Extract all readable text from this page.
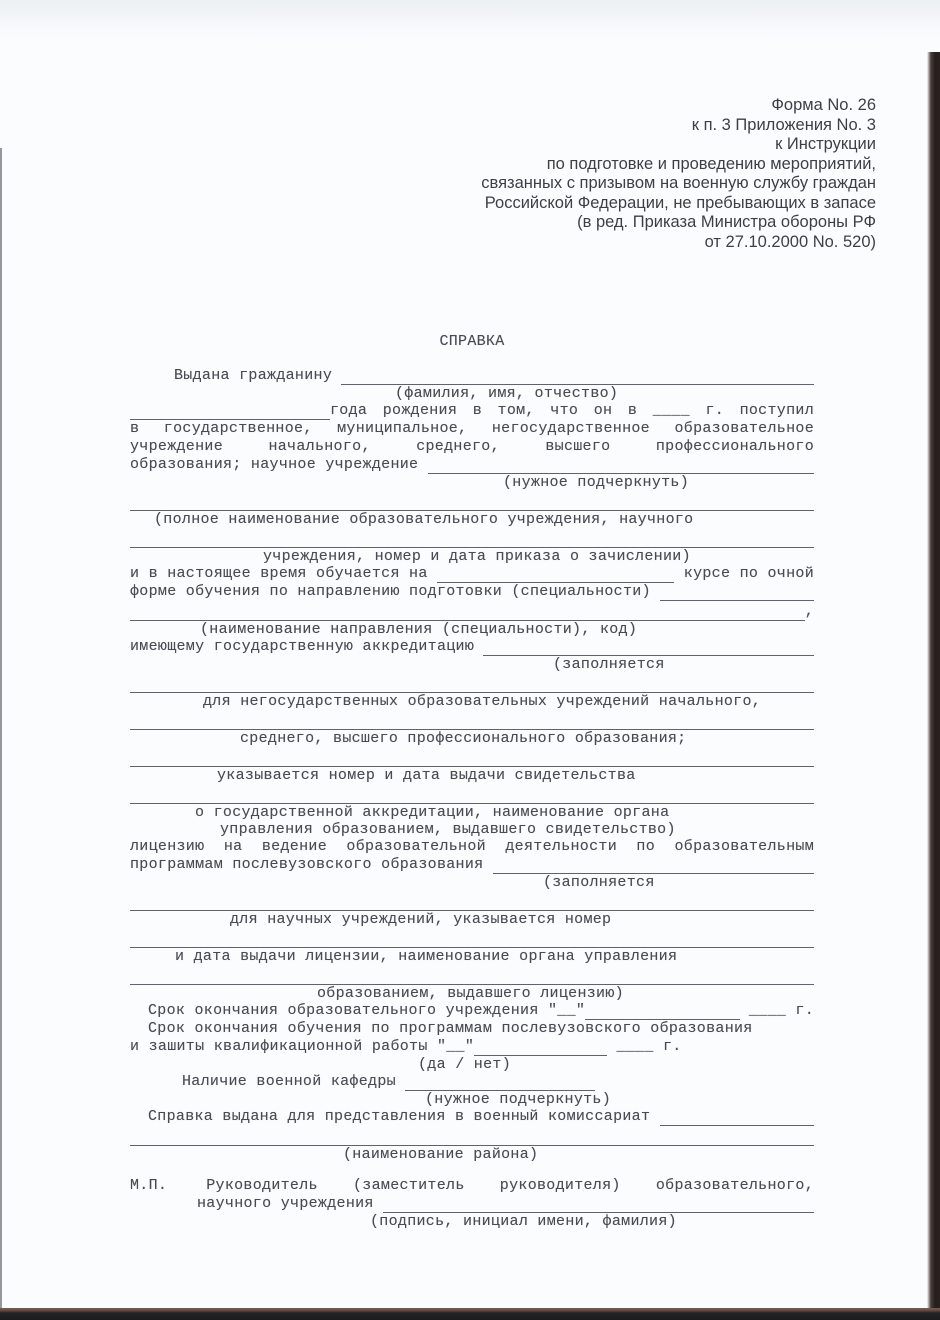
Форма No. 26
к п. 3 Приложения No. 3
к Инструкции
по подготовке и проведению мероприятий,
связанных с призывом на военную службу граждан
Российской Федерации, не пребывающих в запасе
(в ред. Приказа Министра обороны РФ
от 27.10.2000 No. 520)
СПРАВКА
Выдана гражданину
(фамилия, имя, отчество)
года рождения в том, что он в ____ г. поступил
в государственное, муниципальное, негосударственное образовательное
учреждение начального, среднего, высшего профессионального
образования; научное учреждение
(нужное подчеркнуть)
(полное наименование образовательного учреждения, научного
учреждения, номер и дата приказа о зачислении)
и в настоящее время обучается на	курсе по очной
форме обучения по направлению подготовки (специальности)
,
(наименование направления (специальности), код)
имеющему государственную аккредитацию
(заполняется
для негосударственных образовательных учреждений начального,
среднего, высшего профессионального образования;
указывается номер и дата выдачи свидетельства
о государственной аккредитации, наименование органа
управления образованием, выдавшего свидетельство)
лицензию на ведение образовательной деятельности по образовательным
программам послевузовского образования
(заполняется
для научных учреждений, указывается номер
и дата выдачи лицензии, наименование органа управления
образованием, выдавшего лицензию)
Срок окончания образовательного учреждения "__"	____ г.
Срок окончания обучения по программам послевузовского образования
и зашиты квалификационной работы "__"	____ г.
(да / нет)
Наличие военной кафедры
(нужное подчеркнуть)
Справка выдана для представления в военный комиссариат
(наименование района)
М.П.	Руководитель (заместитель руководителя) образовательного,
научного учреждения
(подпись, инициал имени, фамилия)
